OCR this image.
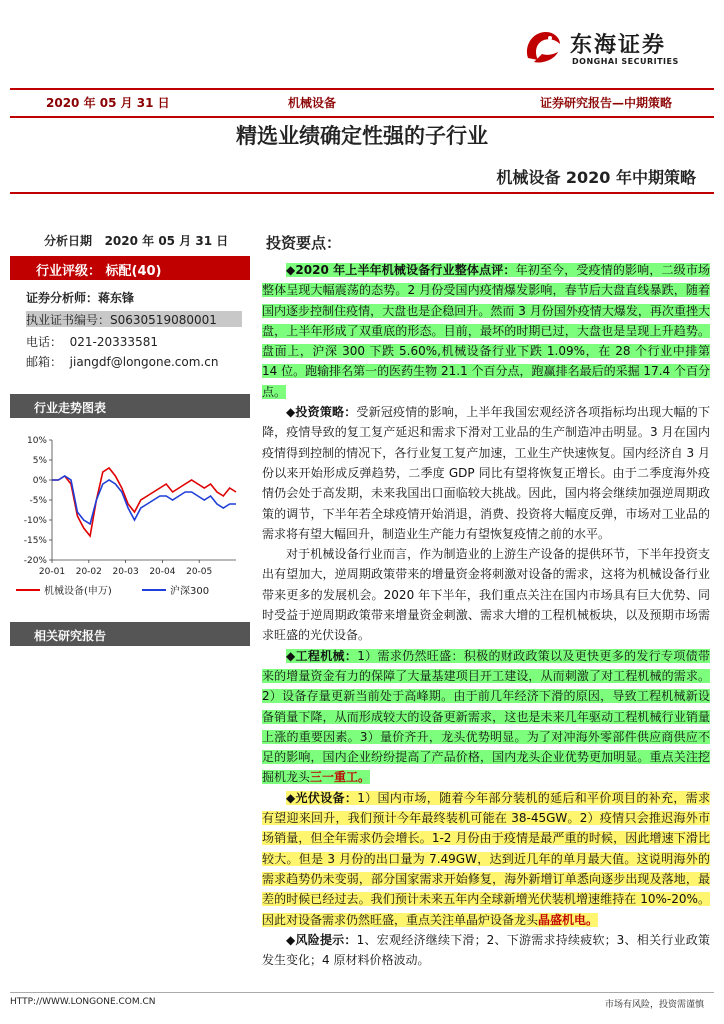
东海证券
DONGHAI SECURITIES
2020 年 05 月 31 日	机械设备	证券研究报告—中期策略
精选业绩确定性强的子行业
机械设备 2020 年中期策略
分析日期 2020 年 05 月 31 日
行业评级： 标配(40)
证券分析师：蒋东锋
执业证书编号：S0630519080001
电话： 021-20333581
邮箱： jiangdf@longone.com.cn
行业走势图表
10%
5%
0%
-5%
-10%
-15%
-20%
20-01 20-02 20-03 20-04 20-05
机械设备(申万)	沪深300
相关研究报告
投资要点：

◆2020 年上半年机械设备行业整体点评：年初至今，受疫情的影响，二级市场整体呈现大幅震荡的态势。2 月份受国内疫情爆发影响，春节后大盘直线暴跌，随着国内逐步控制住疫情，大盘也是企稳回升。然而 3 月份国外疫情大爆发，再次重挫大盘，上半年形成了双重底的形态。目前，最坏的时期已过，大盘也是呈现上升趋势。盘面上，沪深 300 下跌 5.60%,机械设备行业下跌 1.09%，在 28 个行业中排第 14 位。跑输排名第一的医药生物 21.1 个百分点，跑赢排名最后的采掘 17.4 个百分点。

◆投资策略：受新冠疫情的影响，上半年我国宏观经济各项指标均出现大幅的下降，疫情导致的复工复产延迟和需求下滑对工业品的生产制造冲击明显。3 月在国内疫情得到控制的情况下，各行业复工复产加速，工业生产快速恢复。国内经济自 3 月份以来开始形成反弹趋势，二季度 GDP 同比有望将恢复正增长。由于二季度海外疫情仍会处于高发期，未来我国出口面临较大挑战。因此，国内将会继续加强逆周期政策的调节，下半年若全球疫情开始消退，消费、投资将大幅度反弹，市场对工业品的需求将有望大幅回升，制造业生产能力有望恢复疫情之前的水平。

对于机械设备行业而言，作为制造业的上游生产设备的提供环节，下半年投资支出有望加大，逆周期政策带来的增量资金将刺激对设备的需求，这将为机械设备行业带来更多的发展机会。2020 年下半年，我们重点关注在国内市场具有巨大优势、同时受益于逆周期政策带来增量资金刺激、需求大增的工程机械板块，以及预期市场需求旺盛的光伏设备。

◆工程机械：1）需求仍然旺盛：积极的财政政策以及更快更多的发行专项债带来的增量资金有力的保障了大量基建项目开工建设，从而刺激了对工程机械的需求。2）设备存量更新当前处于高峰期。由于前几年经济下滑的原因，导致工程机械新设备销量下降，从而形成较大的设备更新需求，这也是未来几年驱动工程机械行业销量上涨的重要因素。3）量价齐升，龙头优势明显。为了对冲海外零部件供应商供应不足的影响，国内企业纷纷提高了产品价格，国内龙头企业优势更加明显。重点关注挖掘机龙头三一重工。

◆光伏设备：1）国内市场，随着今年部分装机的延后和平价项目的补充，需求有望迎来回升，我们预计今年最终装机可能在 38-45GW。2）疫情只会推迟海外市场销量，但全年需求仍会增长。1-2 月份由于疫情是最严重的时候，因此增速下滑比较大。但是 3 月份的出口量为 7.49GW，达到近几年的单月最大值。这说明海外的需求趋势仍未变弱，部分国家需求开始修复，海外新增订单悉向逐步出现及落地，最差的时候已经过去。我们预计未来五年内全球新增光伏装机增速维持在 10%-20%。因此对设备需求仍然旺盛，重点关注单晶炉设备龙头晶盛机电。

◆风险提示：1、宏观经济继续下滑；2、下游需求持续疲软；3、相关行业政策发生变化；4 原材料价格波动。

HTTP://WWW.LONGONE.COM.CN	市场有风险，投资需谨慎
